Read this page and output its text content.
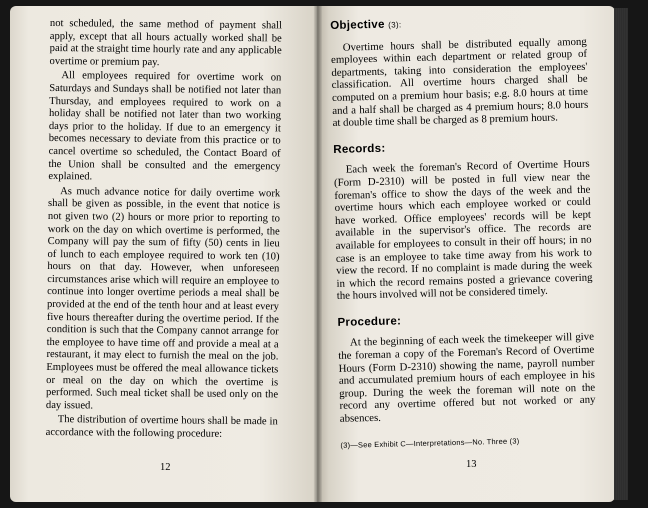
not scheduled, the same method of payment shall apply, except that all hours actually worked shall be paid at the straight time hourly rate and any applicable overtime or premium pay.

All employees required for overtime work on Saturdays and Sundays shall be notified not later than Thursday, and employees required to work on a holiday shall be notified not later than two working days prior to the holiday. If due to an emergency it becomes necessary to deviate from this practice or to cancel overtime so scheduled, the Contact Board of the Union shall be consulted and the emergency explained.

As much advance notice for daily overtime work shall be given as possible, in the event that notice is not given two (2) hours or more prior to reporting to work on the day on which overtime is performed, the Company will pay the sum of fifty (50) cents in lieu of lunch to each employee required to work ten (10) hours on that day. However, when unforeseen circumstances arise which will require an employee to continue into longer overtime periods a meal shall be provided at the end of the tenth hour and at least every five hours thereafter during the overtime period. If the condition is such that the Company cannot arrange for the employee to have time off and provide a meal at a restaurant, it may elect to furnish the meal on the job. Employees must be offered the meal allowance tickets or meal on the day on which the overtime is performed. Such meal ticket shall be used only on the day issued.

The distribution of overtime hours shall be made in accordance with the following procedure:

12
Objective (3):

Overtime hours shall be distributed equally among employees within each department or related group of departments, taking into consideration the employees' classification. All overtime hours charged shall be computed on a premium hour basis; e.g. 8.0 hours at time and a half shall be charged as 4 premium hours; 8.0 hours at double time shall be charged as 8 premium hours.

Records:

Each week the foreman's Record of Overtime Hours (Form D-2310) will be posted in full view near the foreman's office to show the days of the week and the overtime hours which each employee worked or could have worked. Office employees' records will be kept available in the supervisor's office. The records are available for employees to consult in their off hours; in no case is an employee to take time away from his work to view the record. If no complaint is made during the week in which the record remains posted a grievance covering the hours involved will not be considered timely.

Procedure:

At the beginning of each week the timekeeper will give the foreman a copy of the Foreman's Record of Overtime Hours (Form D-2310) showing the name, payroll number and accumulated premium hours of each employee in his group. During the week the foreman will note on the record any overtime offered but not worked or any absences.

(3)—See Exhibit C—Interpretations—No. Three (3)
13
